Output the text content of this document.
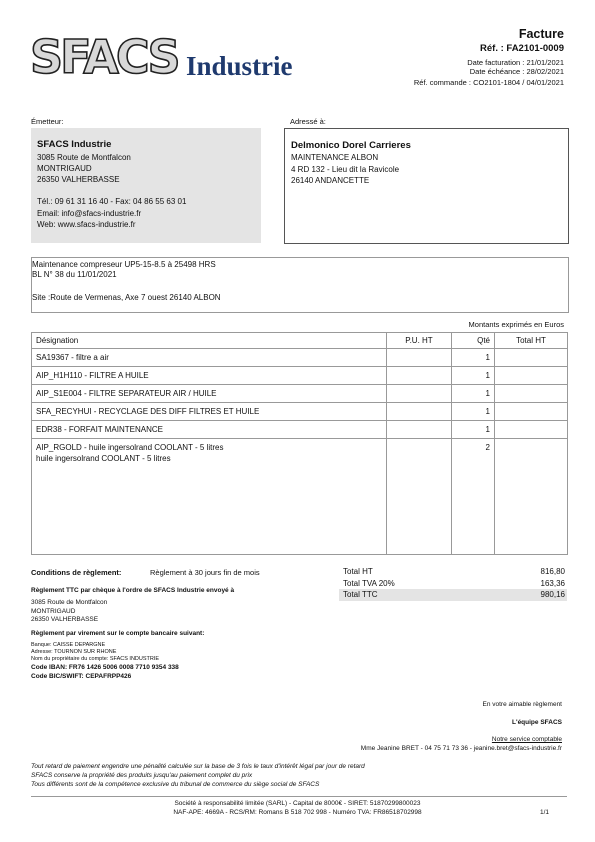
SFACS Industrie
Facture
Réf. : FA2101-0009
Date facturation : 21/01/2021
Date échéance : 28/02/2021
Réf. commande : CO2101-1804 / 04/01/2021
Émetteur:
SFACS Industrie
3085 Route de Montfalcon
MONTRIGAUD
26350 VALHERBASSE
Tél.: 09 61 31 16 40 - Fax: 04 86 55 63 01
Email: info@sfacs-industrie.fr
Web: www.sfacs-industrie.fr
Adressé à:
Delmonico Dorel Carrieres
MAINTENANCE ALBON
4 RD 132 - Lieu dit la Ravicole
26140 ANDANCETTE
Maintenance compreseur UP5-15-8.5 à 25498 HRS
BL N° 38 du 11/01/2021
Site :Route de Vermenas, Axe 7 ouest 26140 ALBON
Montants exprimés en Euros
Désignation	P.U. HT	Qté	Total HT
SA19367 - filtre a air		1	
AIP_H1H110 - FILTRE A HUILE		1	
AIP_S1E004 - FILTRE SEPARATEUR AIR / HUILE		1	
SFA_RECYHUI - RECYCLAGE DES DIFF FILTRES ET HUILE		1	
EDR38 - FORFAIT MAINTENANCE		1	

AIP_RGOLD - huile ingersolrand COOLANT - 5 litres
huile ingersolrand COOLANT - 5 litres		2	
Conditions de règlement:	Règlement à 30 jours fin de mois
Règlement TTC par chèque à l'ordre de SFACS Industrie envoyé à
3085 Route de Montfalcon
MONTRIGAUD
26350 VALHERBASSE
Règlement par virement sur le compte bancaire suivant:
Banque: CAISSE DEPARGNE
Adresse: TOURNON SUR RHONE
Nom du propriétaire du compte: SFACS INDUSTRIE
Code IBAN: FR76 1426 5006 0008 7710 9354 338
Code BIC/SWIFT: CEPAFRPP426
Total HT	816,80
Total TVA 20%	163,36
Total TTC	980,16
En votre aimable règlement
L'équipe SFACS
Notre service comptable
Mme Jeanine BRET - 04 75 71 73 36 - jeanine.bret@sfacs-industrie.fr
Tout retard de paiement engendre une pénalité calculée sur la base de 3 fois le taux d'intérêt légal par jour de retard
SFACS conserve la propriété des produits jusqu'au paiement complet du prix
Tous différents sont de la compétence exclusive du tribunal de commerce du siège social de SFACS
Société à responsabilité limitée (SARL) - Capital de 8000€ - SIRET: 51870299800023
NAF-APE: 4669A - RCS/RM: Romans B 518 702 998 - Numéro TVA: FR86518702998	1/1
